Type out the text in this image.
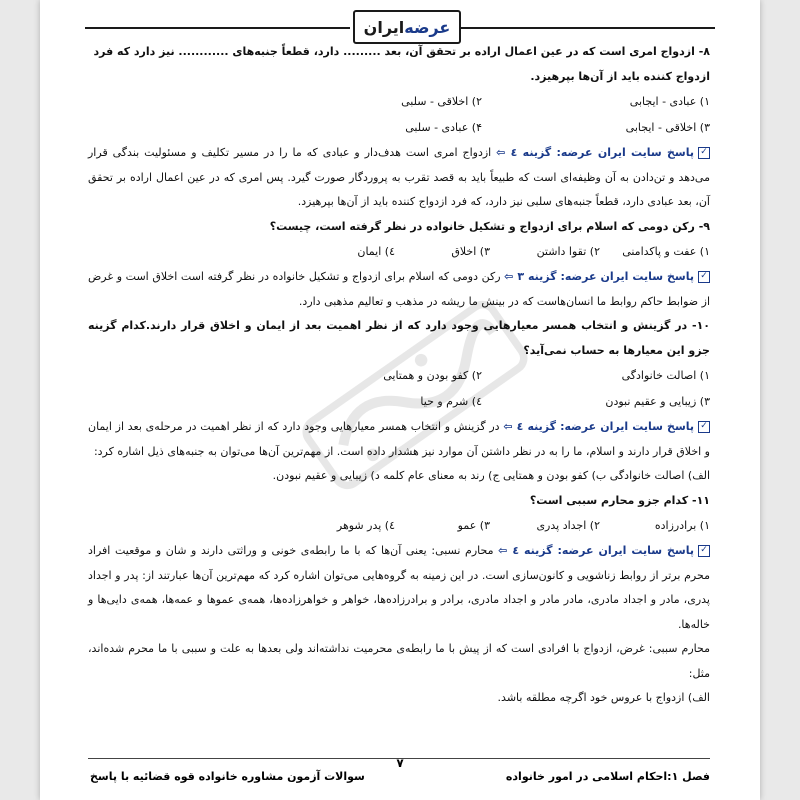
ایران عرضه

۸- ازدواج امری است که در عین اعمال اراده بر تحقق آن، بعد ......... دارد، قطعاً جنبه‌های ............ نیز دارد که فرد

ازدواج کننده باید از آن‌ها بپرهیزد.

۱) عبادی - ایجابی
۲) اخلاقی - سلبی
۳) اخلاقی - ایجابی
۴) عبادی - سلبی

✓پاسخ سایت ایران عرضه: گزینه ٤ ⇦ ازدواج امری است هدف‌دار و عبادی که ما را در مسیر تکلیف و مسئولیت بندگی قرار می‌دهد و تن‌دادن به آن وظیفه‌ای است که طبیعاً باید به قصد تقرب به پروردگار صورت گیرد. پس امری که در عین اعمال اراده بر تحقق آن، بعد عبادی دارد، قطعاً جنبه‌های سلبی نیز دارد، که فرد ازدواج کننده باید از آن‌ها بپرهیزد.

۹- رکن دومی که اسلام برای ازدواج و تشکیل خانواده در نظر گرفته است، چیست؟

۱) عفت و پاکدامنی
۲) تقوا داشتن
۳) اخلاق
٤) ایمان

✓پاسخ سایت ایران عرضه: گزینه ۳ ⇦ رکن دومی که اسلام برای ازدواج و تشکیل خانواده در نظر گرفته است اخلاق است و غرض از ضوابط حاکم روابط ما انسان‌هاست که در بینش ما ریشه در مذهب و تعالیم مذهبی دارد.

۱۰- در گزینش و انتخاب همسر معیارهایی وجود دارد که از نظر اهمیت بعد از ایمان و اخلاق قرار دارند.کدام گزینه جزو این معیارها به حساب نمی‌آید؟

۱) اصالت خانوادگی
۲) کفو بودن و همتایی
۳) زیبایی و عقیم نبودن
٤) شرم و حیا

✓پاسخ سایت ایران عرضه: گزینه ٤ ⇦ در گزینش و انتخاب همسر معیارهایی وجود دارد که از نظر اهمیت در مرحله‌ی بعد از ایمان و اخلاق قرار دارند و اسلام، ما را به در نظر داشتن آن موارد نیز هشدار داده است. از مهم‌ترین آن‌ها می‌توان به جنبه‌های ذیل اشاره کرد:

الف) اصالت خانوادگی ب) کفو بودن و همتایی ج) رند به معنای عام کلمه د) زیبایی و عقیم نبودن.

۱۱- کدام جزو محارم سببی است؟

۱) برادرزاده
۲) اجداد پدری
۳) عمو
٤) پدر شوهر

✓پاسخ سایت ایران عرضه: گزینه ٤ ⇦ محارم نسبی: یعنی آن‌ها که با ما رابطه‌ی خونی و وراثتی دارند و شان و موقعیت افراد محرم برتر از روابط زناشویی و کانون‌سازی است. در این زمینه به گروه‌هایی می‌توان اشاره کرد که مهم‌ترین آن‌ها عبارتند از: پدر و اجداد پدری، مادر و اجداد مادری، مادر مادر و اجداد مادری، برادر و برادرزاده‌ها، خواهر و خواهرزاده‌ها، همه‌ی عموها و عمه‌ها، همه‌ی دایی‌ها و خاله‌ها.

محارم سببی: غرض، ازدواج با افرادی است که از پیش با ما رابطه‌ی محرمیت نداشته‌اند ولی بعدها به علت و سببی با ما محرم شده‌اند، مثل:

الف) ازدواج با عروس خود اگرچه مطلقه باشد.

۷
فصل ۱:احکام اسلامی در امور خانواده
سوالات آزمون مشاوره خانواده قوه قضائیه با پاسخ
